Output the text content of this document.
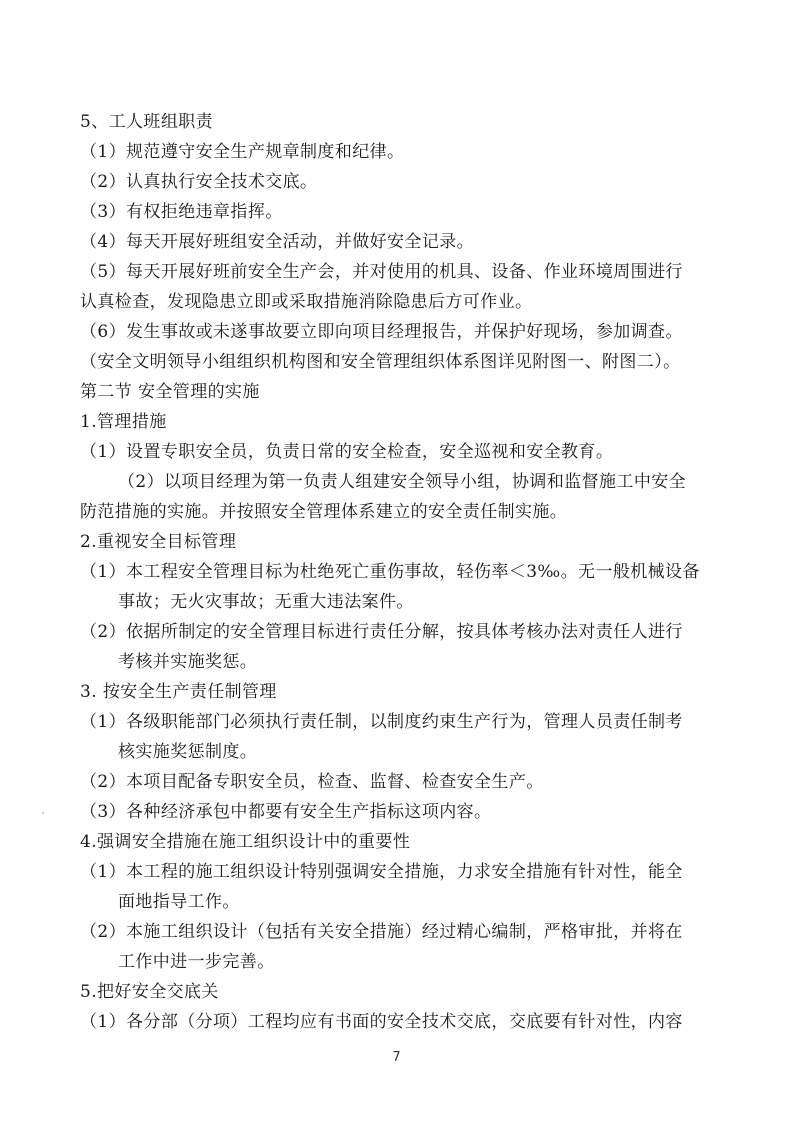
5、工人班组职责
（1）规范遵守安全生产规章制度和纪律。
（2）认真执行安全技术交底。
（3）有权拒绝违章指挥。
（4）每天开展好班组安全活动，并做好安全记录。
（5）每天开展好班前安全生产会，并对使用的机具、设备、作业环境周围进行
认真检查，发现隐患立即或采取措施消除隐患后方可作业。
（6）发生事故或未遂事故要立即向项目经理报告，并保护好现场，参加调查。
（安全文明领导小组组织机构图和安全管理组织体系图详见附图一、附图二）。
第二节 安全管理的实施
1.管理措施
（1）设置专职安全员，负责日常的安全检查，安全巡视和安全教育。
（2）以项目经理为第一负责人组建安全领导小组，协调和监督施工中安全
防范措施的实施。并按照安全管理体系建立的安全责任制实施。
2.重视安全目标管理
（1）本工程安全管理目标为杜绝死亡重伤事故，轻伤率＜3‰。无一般机械设备
事故；无火灾事故；无重大违法案件。
（2）依据所制定的安全管理目标进行责任分解，按具体考核办法对责任人进行
考核并实施奖惩。
3. 按安全生产责任制管理
（1）各级职能部门必须执行责任制，以制度约束生产行为，管理人员责任制考
核实施奖惩制度。
（2）本项目配备专职安全员，检查、监督、检查安全生产。
（3）各种经济承包中都要有安全生产指标这项内容。
4.强调安全措施在施工组织设计中的重要性
（1）本工程的施工组织设计特别强调安全措施，力求安全措施有针对性，能全
面地指导工作。
（2）本施工组织设计（包括有关安全措施）经过精心编制，严格审批，并将在
工作中进一步完善。
5.把好安全交底关
（1）各分部（分项）工程均应有书面的安全技术交底，交底要有针对性，内容
7
